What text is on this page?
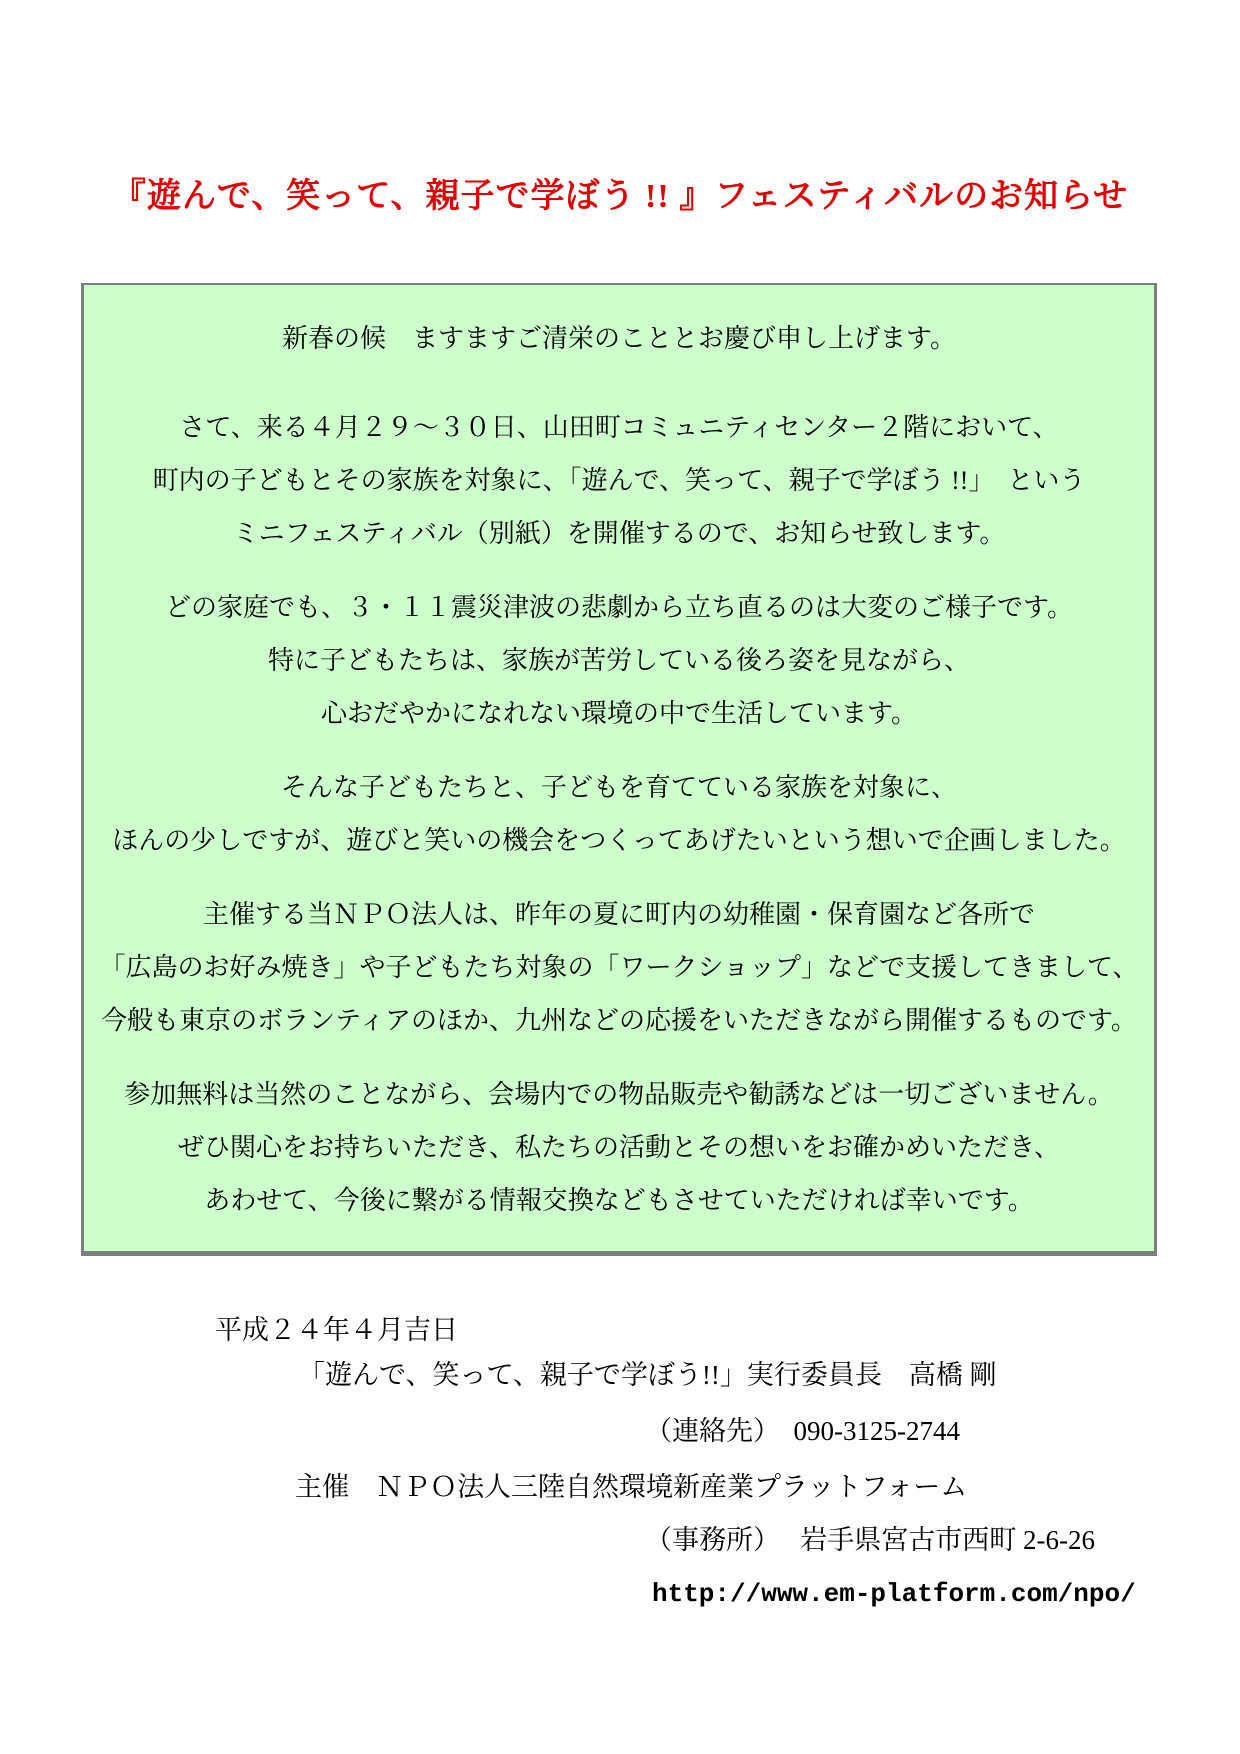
『遊んで、笑って、親子で学ぼう !! 』フェスティバルのお知らせ
新春の候　ますますご清栄のこととお慶び申し上げます。
さて、来る４月２９～３０日、山田町コミュニティセンター２階において、
町内の子どもとその家族を対象に、「遊んで、笑って、親子で学ぼう !!」　という
ミニフェスティバル（別紙）を開催するので、お知らせ致します。
どの家庭でも、３・１１震災津波の悲劇から立ち直るのは大変のご様子です。
特に子どもたちは、家族が苦労している後ろ姿を見ながら、
心おだやかになれない環境の中で生活しています。
そんな子どもたちと、子どもを育てている家族を対象に、
ほんの少しですが、遊びと笑いの機会をつくってあげたいという想いで企画しました。
主催する当ＮＰＯ法人は、昨年の夏に町内の幼稚園・保育園など各所で
「広島のお好み焼き」や子どもたち対象の「ワークショップ」などで支援してきまして、
今般も東京のボランティアのほか、九州などの応援をいただきながら開催するものです。
参加無料は当然のことながら、会場内での物品販売や勧誘などは一切ございません。
ぜひ関心をお持ちいただき、私たちの活動とその想いをお確かめいただき、
あわせて、今後に繋がる情報交換などもさせていただければ幸いです。
平成２４年４月吉日
「遊んで、笑って、親子で学ぼう!!」実行委員長　高橋 剛
（連絡先）　090-3125-2744
主催　ＮＰＯ法人三陸自然環境新産業プラットフォーム
（事務所）　 岩手県宮古市西町 2-6-26
http://www.em-platform.com/npo/
